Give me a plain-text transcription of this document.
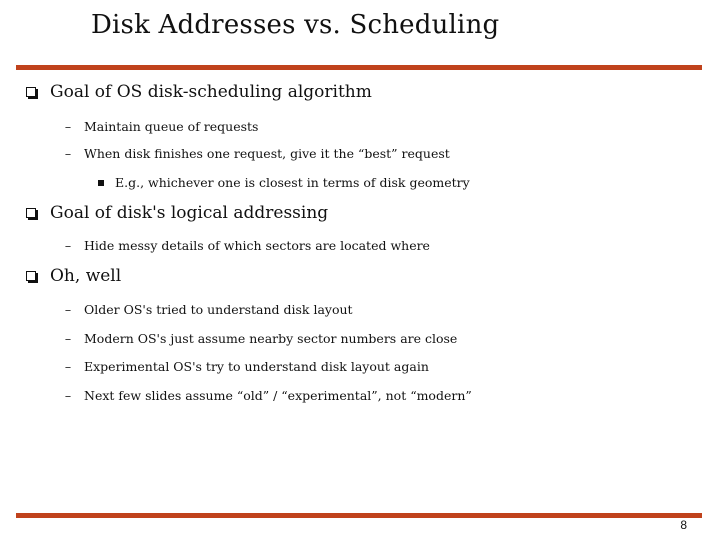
Disk Addresses vs. Scheduling
Goal of OS disk-scheduling algorithm
– Maintain queue of requests
– When disk finishes one request, give it the “best” request
E.g., whichever one is closest in terms of disk geometry
Goal of disk's logical addressing
– Hide messy details of which sectors are located where
Oh, well
– Older OS's tried to understand disk layout
– Modern OS's just assume nearby sector numbers are close
– Experimental OS's try to understand disk layout again
– Next few slides assume “old” / “experimental”, not “modern”
8
